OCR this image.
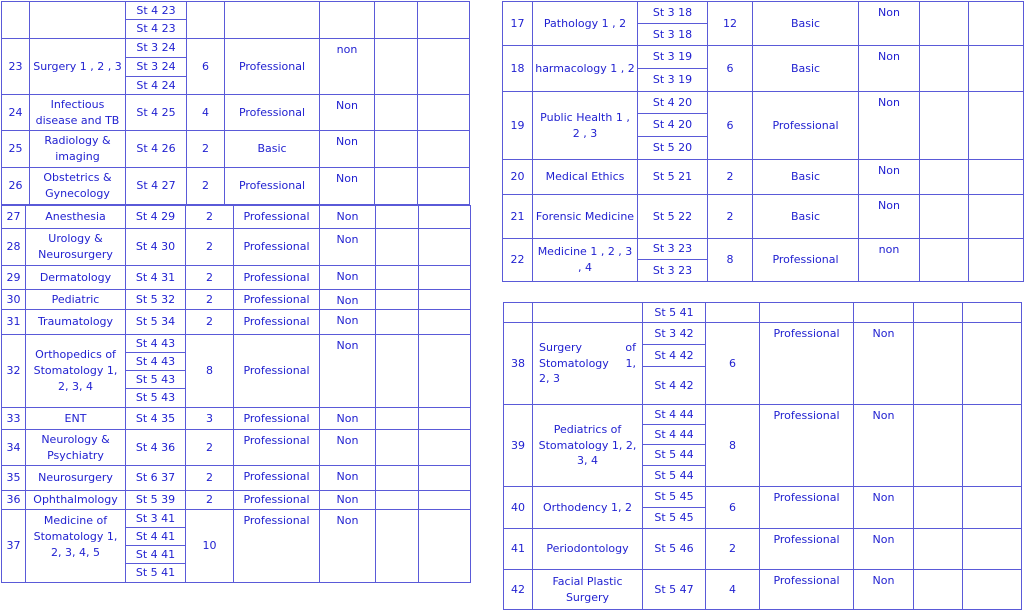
		St 4 23					
		St 4 23					
23	Surgery 1 , 2 , 3	St 3 24	6	Professional	non		
		St 3 24					
		St 4 24					
24	Infectious disease and TB	St 4 25	4	Professional	Non		
25	Radiology & imaging	St 4 26	2	Basic	Non		
26	Obstetrics & Gynecology	St 4 27	2	Professional	Non		
27	Anesthesia	St 4 29	2	Professional	Non		
28	Urology & Neurosurgery	St 4 30	2	Professional	Non		
29	Dermatology	St 4 31	2	Professional	Non		
30	Pediatric	St 5 32	2	Professional	Non		
31	Traumatology	St 5 34	2	Professional	Non		
32	Orthopedics of Stomatology 1, 2, 3, 4	St 4 43	8	Professional	Non		
		St 4 43					
		St 5 43					
		St 5 43					
33	ENT	St 4 35	3	Professional	Non		
34	Neurology & Psychiatry	St 4 36	2	Professional	Non		
35	Neurosurgery	St 6 37	2	Professional	Non		
36	Ophthalmology	St 5 39	2	Professional	Non		
37	Medicine of Stomatology 1, 2, 3, 4, 5	St 3 41	10	Professional	Non		
		St 4 41					
		St 4 41					
		St 5 41					
17	Pathology 1 , 2	St 3 18	12	Basic	Non		
		St 3 18					
18	harmacology 1 , 2	St 3 19	6	Basic	Non		
		St 3 19					
19	Public Health 1 , 2 , 3	St 4 20	6	Professional	Non		
		St 4 20					
		St 5 20					
20	Medical Ethics	St 5 21	2	Basic	Non		
21	Forensic Medicine	St 5 22	2	Basic	Non		
22	Medicine 1 , 2 , 3 , 4	St 3 23	8	Professional	non		
		St 3 23					
		St 5 41					
38	Surgery of Stomatology 1, 2, 3	St 3 42	6	Professional	Non		
		St 4 42					
		St 4 42					
39	Pediatrics of Stomatology 1, 2, 3, 4	St 4 44	8	Professional	Non		
		St 4 44					
		St 5 44					
		St 5 44					
40	Orthodency 1, 2	St 5 45	6	Professional	Non		
		St 5 45					
41	Periodontology	St 5 46	2	Professional	Non		
42	Facial Plastic Surgery	St 5 47	4	Professional	Non		
